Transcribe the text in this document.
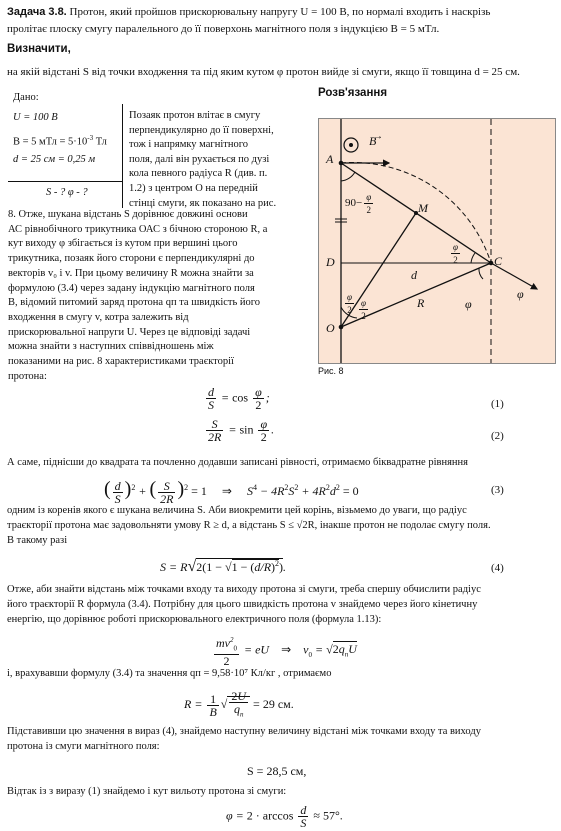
Задача 3.8. Протон, який пройшов прискорювальну напругу U = 100 В, по нормалі входить і наскрізь
пролітає плоску смугу паралельного до її поверхонь магнітного поля з індукцією B = 5 мТл.
Визначити,
на якій відстані S від точки входження та під яким кутом φ протон вийде зі смуги, якщо її товщина d = 25 см.
Розв'язання
Дано:
U = 100 В
В = 5 мТл = $5\cdot 10^{-3}$ Тл
d = 25 см = 0,25 м
S - ? φ - ?
Позаяк протон влітає в смугу
перпендикулярно до її поверхні,
тож і напрямку магнітного
поля, далі він рухається по дузі
кола певного радіуса R (див. п.
1.2) з центром О на передній
стінці смуги, як показано на рис.
8. Отже, шукана відстань S дорівнює довжині основи
АС рівнобічного трикутника ОАС з бічною стороною R, а
кут виходу φ збігається із кутом при вершині цього
трикутника, позаяк його сторони є перпендикулярні до
векторів v₀ і v. При цьому величину R можна знайти за
формулою (3.4) через задану індукцію магнітного поля
B, відомий питомий заряд протона qп та швидкість його
входження в смугу v, котра залежить від
прискорювальної напруги U. Через це відповіді задачі
можна знайти з наступних співвідношень між
показаними на рис. 8 характеристиками траєкторії
протона:
A
B
→
D	C
O
M
d
R
$90- \frac{\varphi}{2}$
φ
φ
$\frac{\varphi}{2}$
$\frac{\varphi}{2} \frac{\varphi}{2}$
Рис. 8
$\frac{d}{S} = \cos \frac{\varphi}{2}$ ;	(1)
$\frac{S}{2R} = \sin \frac{\varphi}{2}$ .	(2)
А саме, піднісши до квадрата та почленно додавши записані рівності, отримаємо біквадратне рівняння
( $\frac{d}{S} )^2$ + ( $\frac{S}{2R} )^2 = 1$     ⇒     $S^4 - 4R^2S^2 + 4R^2d^2 = 0$	(3)
одним із коренів якого є шукана величина S. Аби виокремити цей корінь, візьмемо до уваги, що радіус
траєкторії протона має задовольняти умову R ≥ d, а відстань S ≤ √2R, інакше протон не подолає смугу поля.
В такому разі
$S = R√2(1 - √1 - (d/R)^2)$.	(4)
Отже, аби знайти відстань між точками входу та виходу протона зі смуги, треба спершу обчислити радіус
його траєкторії R формула (3.4). Потрібну для цього швидкість протона v знайдемо через його кінетичну
енергію, що дорівнює роботі прискорювального електричного поля (формула 1.13):
$\frac{mv^2_0}{2}$ = eU    ⇒    $v_0 = √2q_пU$
і, врахувавши формулу (3.4) та значення qп = 9,58·10⁷ Кл/кг , отримаємо
$R = \frac{1}{B}$ √ $\frac{2U}{q_п} = 29$ см.
Підставивши цю значення в вираз (4), знайдемо наступну величину відстані між точками входу та виходу
протона із смуги магнітного поля:
S = 28,5 см,
Відтак із з виразу (1) знайдемо і кут вильоту протона зі смуги:
$\varphi = 2 \cdot \arccos \frac{d}{S} \approx 57^\circ$.
